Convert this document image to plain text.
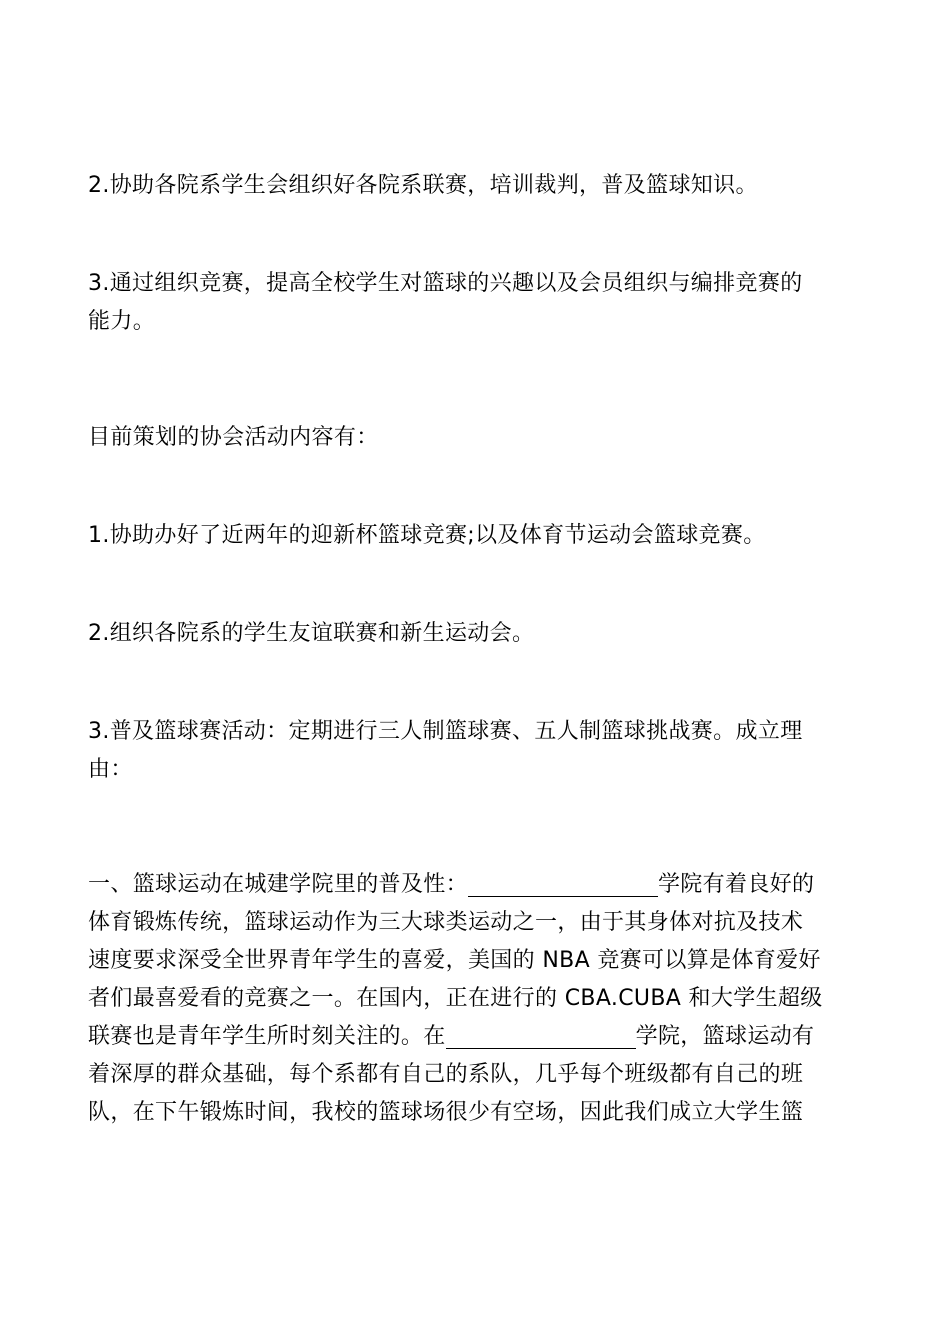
2.协助各院系学生会组织好各院系联赛，培训裁判，普及篮球知识。
3.通过组织竞赛，提高全校学生对篮球的兴趣以及会员组织与编排竞赛的
能力。
目前策划的协会活动内容有：
1.协助办好了近两年的迎新杯篮球竞赛;以及体育节运动会篮球竞赛。
2.组织各院系的学生友谊联赛和新生运动会。
3.普及篮球赛活动：定期进行三人制篮球赛、五人制篮球挑战赛。成立理
由：
一、篮球运动在城建学院里的普及性：	学院有着良好的
体育锻炼传统，篮球运动作为三大球类运动之一，由于其身体对抗及技术
速度要求深受全世界青年学生的喜爱，美国的 NBA 竞赛可以算是体育爱好
者们最喜爱看的竞赛之一。在国内，正在进行的 CBA.CUBA 和大学生超级
联赛也是青年学生所时刻关注的。在	学院，篮球运动有
着深厚的群众基础，每个系都有自己的系队，几乎每个班级都有自己的班
队，在下午锻炼时间，我校的篮球场很少有空场，因此我们成立大学生篮
